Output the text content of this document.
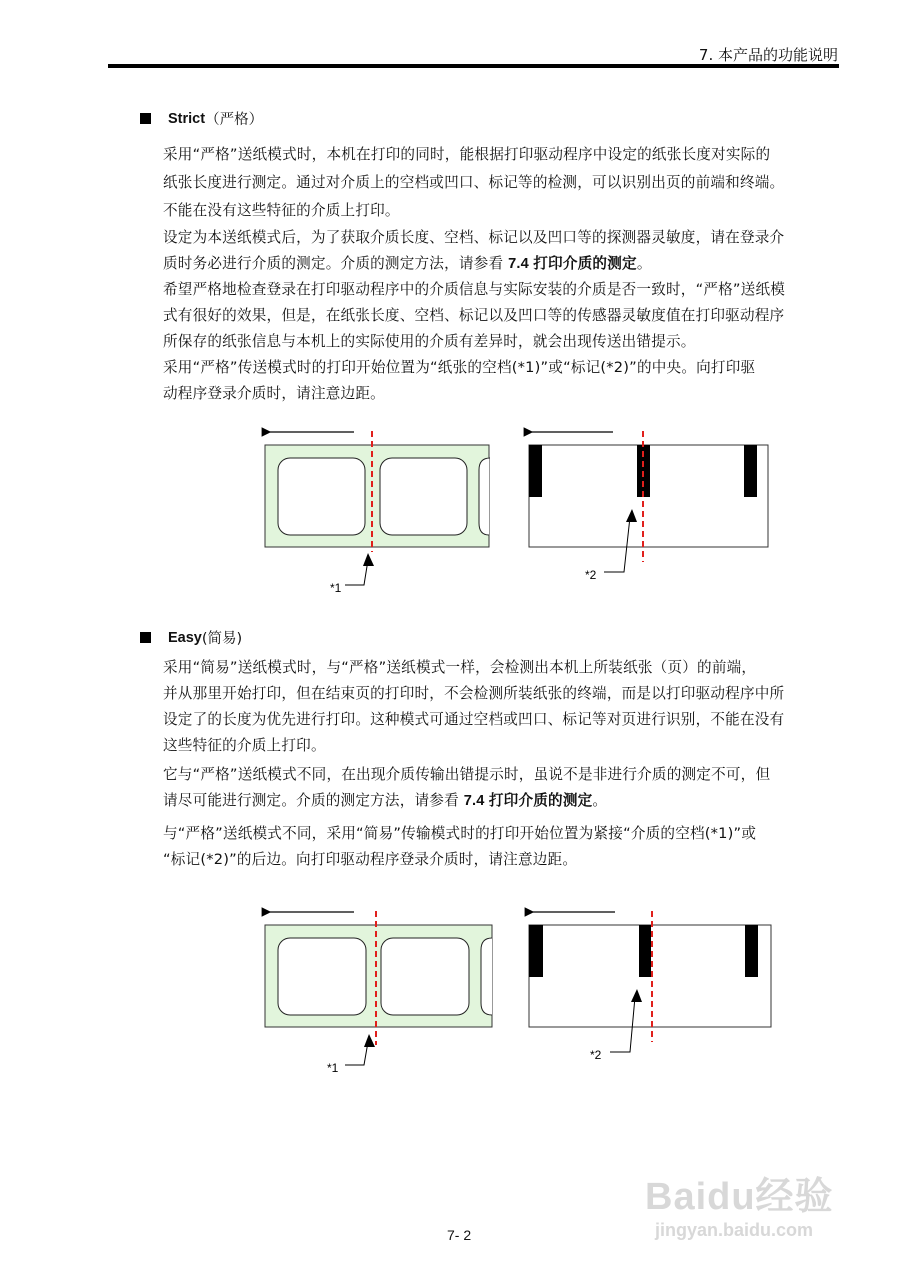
7. 本产品的功能说明
Strict （严格）
采用“严格”送纸模式时，本机在打印的同时，能根据打印驱动程序中设定的纸张长度对实际的
纸张长度进行测定。通过对介质上的空档或凹口、标记等的检测，可以识别出页的前端和终端。
不能在没有这些特征的介质上打印。
设定为本送纸模式后，为了获取介质长度、空档、标记以及凹口等的探测器灵敏度，请在登录介
质时务必进行介质的测定。介质的测定方法，请参看 7.4 打印介质的测定。
希望严格地检查登录在打印驱动程序中的介质信息与实际安装的介质是否一致时，“严格”送纸模
式有很好的效果，但是，在纸张长度、空档、标记以及凹口等的传感器灵敏度值在打印驱动程序
所保存的纸张信息与本机上的实际使用的介质有差异时，就会出现传送出错提示。
采用“严格”传送模式时的打印开始位置为“纸张的空档(*1)”或“标记(*2)”的中央。向打印驱
动程序登录介质时，请注意边距。
Easy (简易)
采用“简易”送纸模式时，与“严格”送纸模式一样，会检测出本机上所装纸张（页）的前端，
并从那里开始打印，但在结束页的打印时，不会检测所装纸张的终端，而是以打印驱动程序中所
设定了的长度为优先进行打印。这种模式可通过空档或凹口、标记等对页进行识别，不能在没有
这些特征的介质上打印。
它与“严格”送纸模式不同，在出现介质传输出错提示时，虽说不是非进行介质的测定不可，但
请尽可能进行测定。介质的测定方法，请参看 7.4 打印介质的测定。
与“严格”送纸模式不同，采用“简易”传输模式时的打印开始位置为紧接“介质的空档(*1)”或
“标记(*2)”的后边。向打印驱动程序登录介质时，请注意边距。
*1
*2
*1
*2
Baidu经验
jingyan.baidu.com
7- 2
